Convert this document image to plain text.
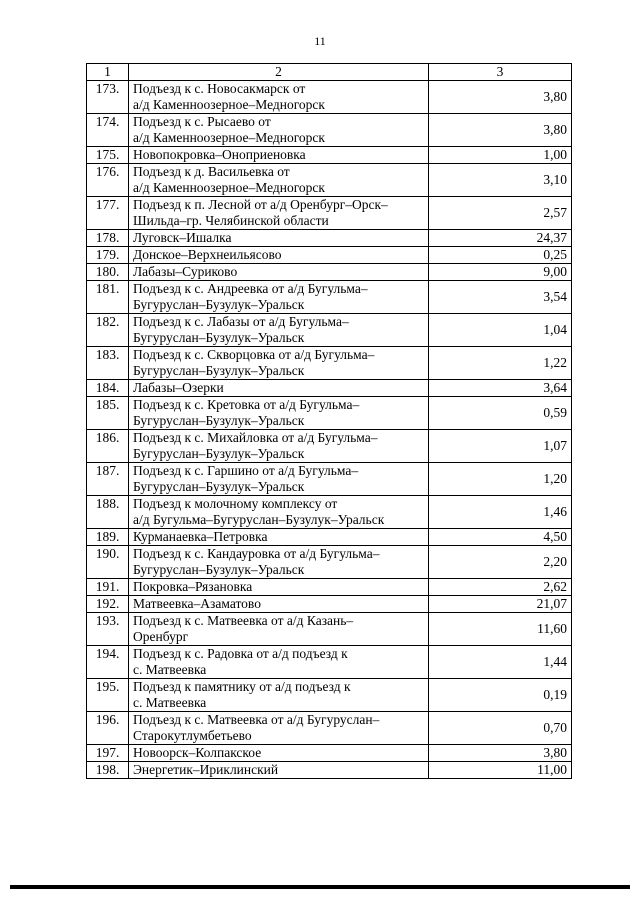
11
1	2	3
173.	Подъезд к с. Новосакмарск от
а/д Каменноозерное–Медногорск	3,80
174.	Подъезд к с. Рысаево от
а/д Каменноозерное–Медногорск	3,80
175.	Новопокровка–Оноприеновка	1,00
176.	Подъезд к д. Васильевка от
а/д Каменноозерное–Медногорск	3,10
177.	Подъезд к п. Лесной от а/д Оренбург–Орск–
Шильда–гр. Челябинской области	2,57
178.	Луговск–Ишалка	24,37
179.	Донское–Верхнеильясово	0,25
180.	Лабазы–Суриково	9,00
181.	Подъезд к с. Андреевка от а/д Бугульма–
Бугуруслан–Бузулук–Уральск	3,54
182.	Подъезд к с. Лабазы от а/д Бугульма–
Бугуруслан–Бузулук–Уральск	1,04
183.	Подъезд к с. Скворцовка от а/д Бугульма–
Бугуруслан–Бузулук–Уральск	1,22
184.	Лабазы–Озерки	3,64
185.	Подъезд к с. Кретовка от а/д Бугульма–
Бугуруслан–Бузулук–Уральск	0,59
186.	Подъезд к с. Михайловка от а/д Бугульма–
Бугуруслан–Бузулук–Уральск	1,07
187.	Подъезд к с. Гаршино от а/д Бугульма–
Бугуруслан–Бузулук–Уральск	1,20
188.	Подъезд к молочному комплексу от
а/д Бугульма–Бугуруслан–Бузулук–Уральск	1,46
189.	Курманаевка–Петровка	4,50
190.	Подъезд к с. Кандауровка от а/д Бугульма–
Бугуруслан–Бузулук–Уральск	2,20
191.	Покровка–Рязановка	2,62
192.	Матвеевка–Азаматово	21,07
193.	Подъезд к с. Матвеевка от а/д Казань–
Оренбург	11,60
194.	Подъезд к с. Радовка от а/д подъезд к
с. Матвеевка	1,44
195.	Подъезд к памятнику от а/д подъезд к
с. Матвеевка	0,19
196.	Подъезд к с. Матвеевка от а/д Бугуруслан–
Старокутлумбетьево	0,70
197.	Новоорск–Колпакское	3,80
198.	Энергетик–Ириклинский	11,00
